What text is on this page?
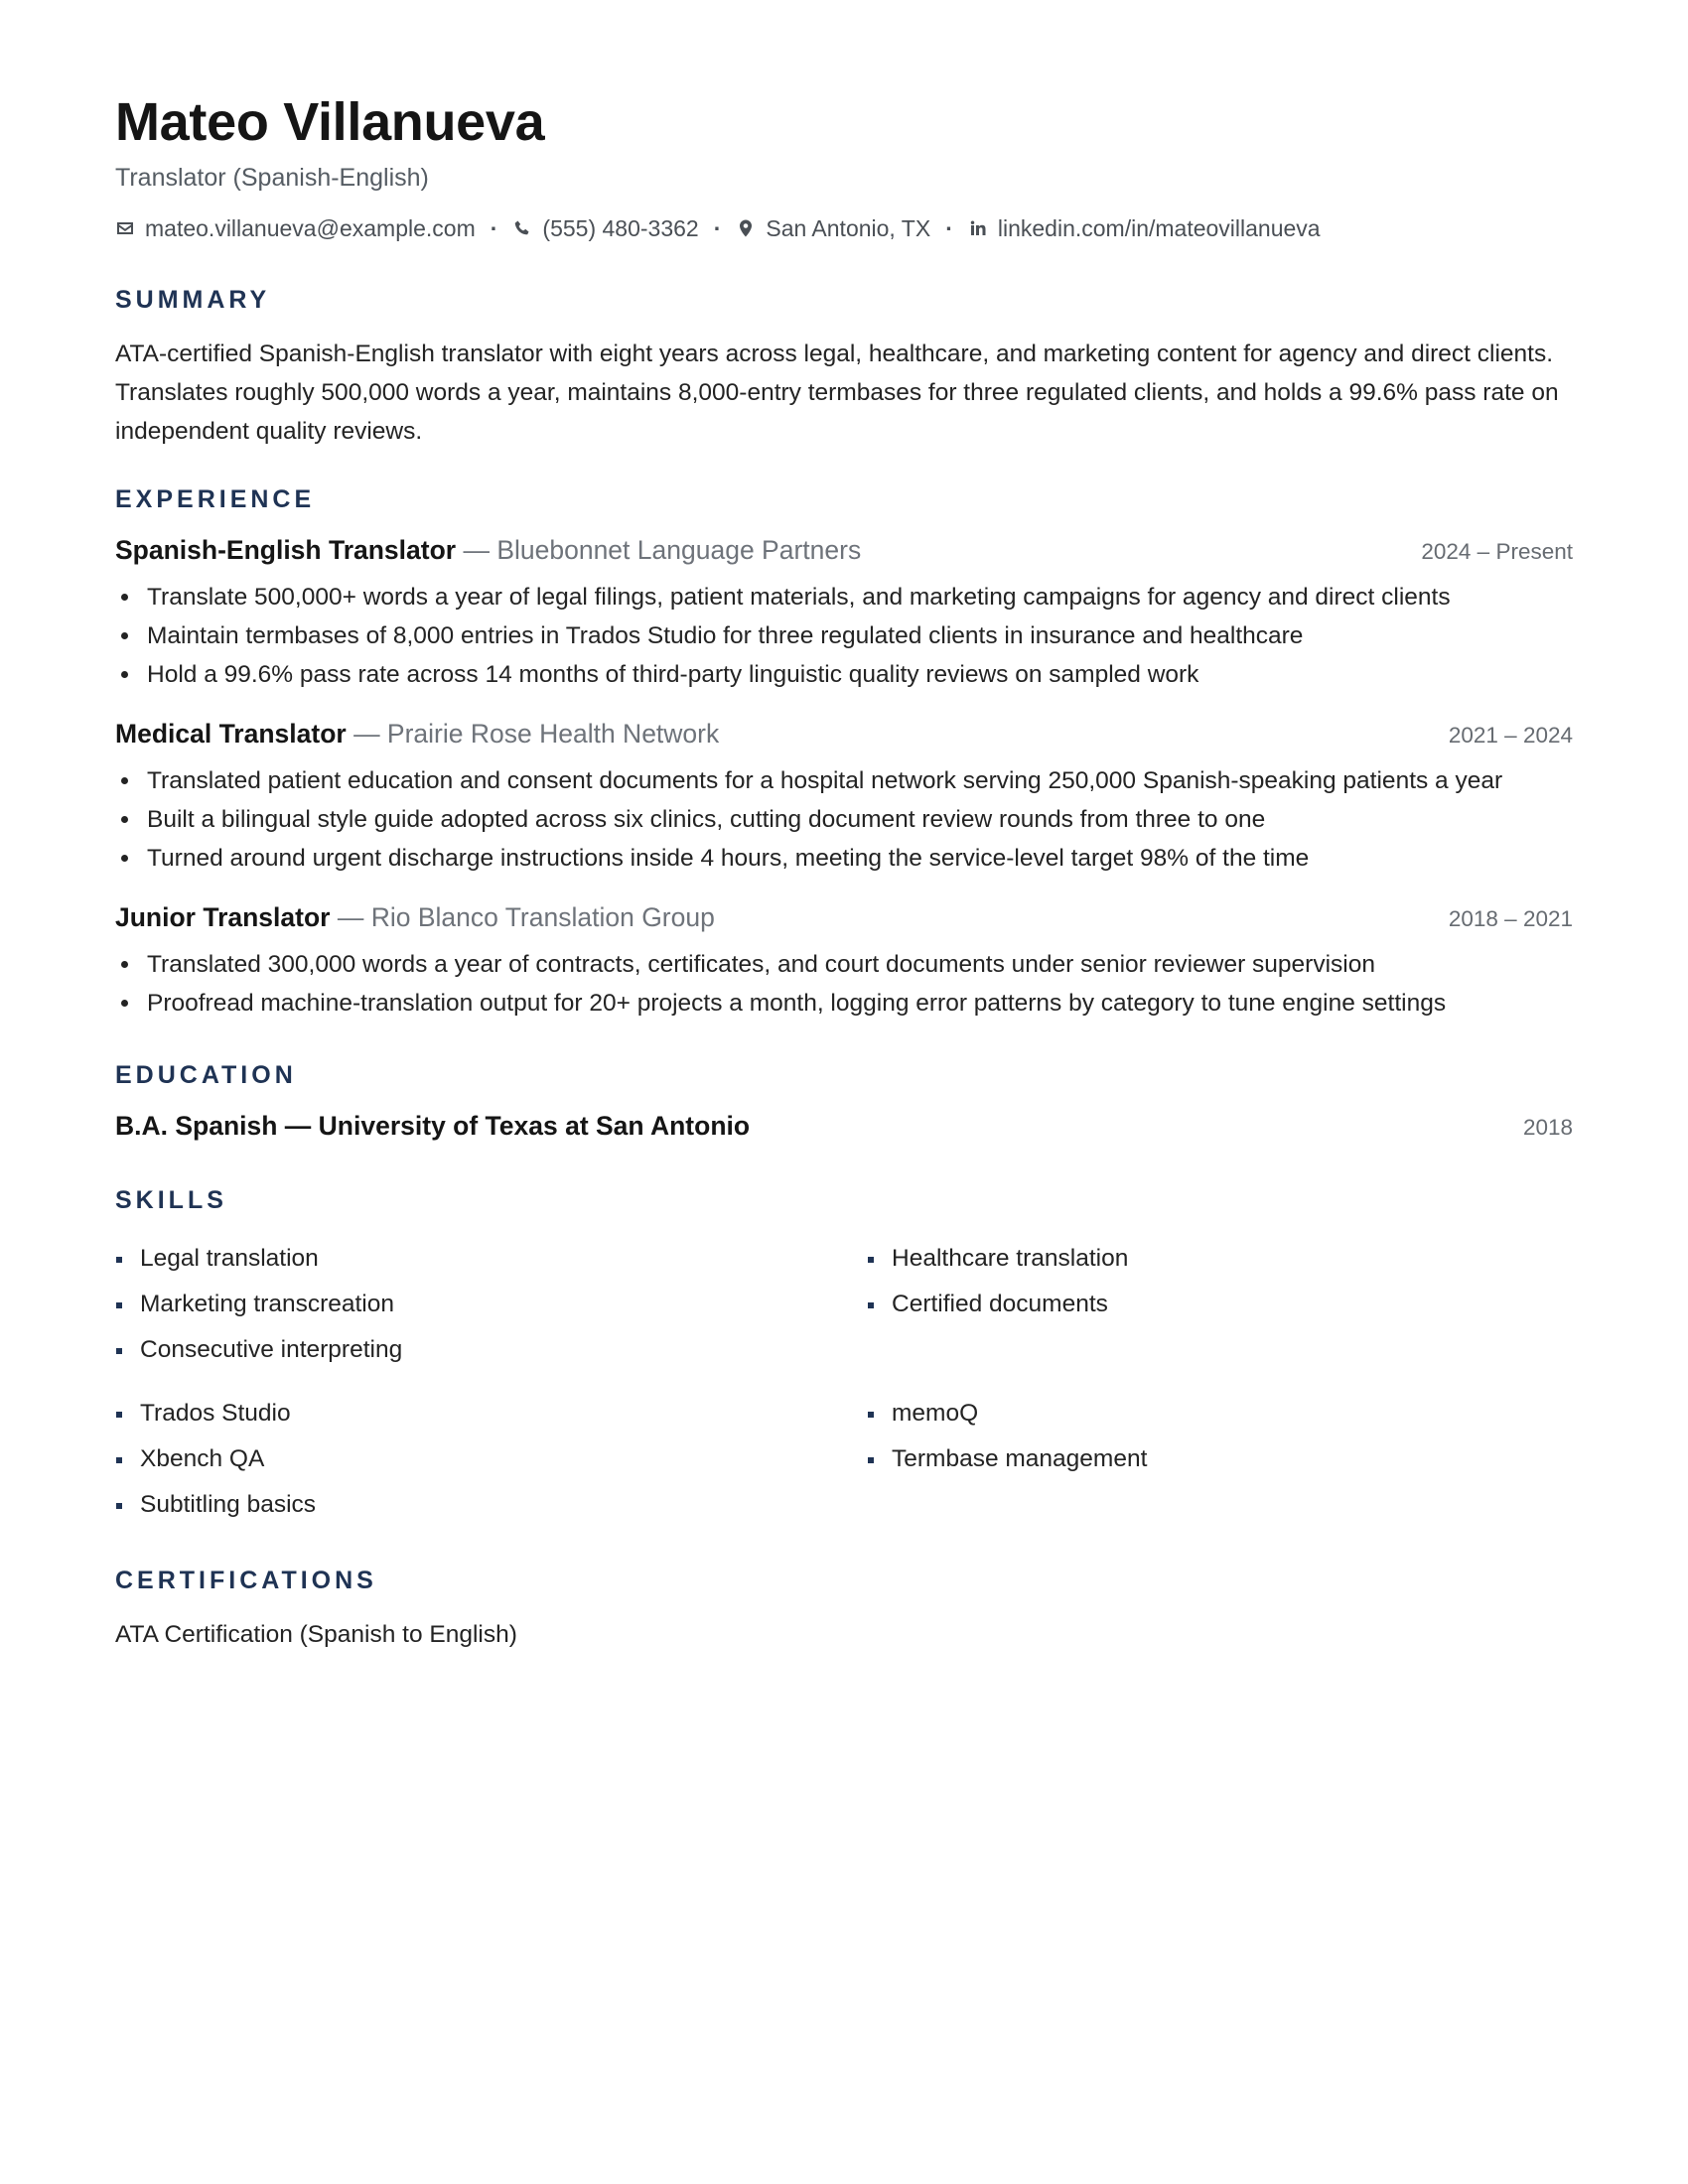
Mateo Villanueva
Translator (Spanish-English)
mateo.villanueva@example.com · (555) 480-3362 · San Antonio, TX · linkedin.com/in/mateovillanueva
SUMMARY

ATA-certified Spanish-English translator with eight years across legal, healthcare, and marketing content for agency and direct clients. Translates roughly 500,000 words a year, maintains 8,000-entry termbases for three regulated clients, and holds a 99.6% pass rate on independent quality reviews.

EXPERIENCE
Spanish-English Translator — Bluebonnet Language Partners	2024 – Present
Translate 500,000+ words a year of legal filings, patient materials, and marketing campaigns for agency and direct clients
Maintain termbases of 8,000 entries in Trados Studio for three regulated clients in insurance and healthcare
Hold a 99.6% pass rate across 14 months of third-party linguistic quality reviews on sampled work
Medical Translator — Prairie Rose Health Network	2021 – 2024
Translated patient education and consent documents for a hospital network serving 250,000 Spanish-speaking patients a year
Built a bilingual style guide adopted across six clinics, cutting document review rounds from three to one
Turned around urgent discharge instructions inside 4 hours, meeting the service-level target 98% of the time
Junior Translator — Rio Blanco Translation Group	2018 – 2021
Translated 300,000 words a year of contracts, certificates, and court documents under senior reviewer supervision
Proofread machine-translation output for 20+ projects a month, logging error patterns by category to tune engine settings
EDUCATION
B.A. Spanish — University of Texas at San Antonio	2018
SKILLS
Legal translation	Healthcare translation
Marketing transcreation	Certified documents
Consecutive interpreting
Trados Studio	memoQ
Xbench QA	Termbase management
Subtitling basics
CERTIFICATIONS
ATA Certification (Spanish to English)
